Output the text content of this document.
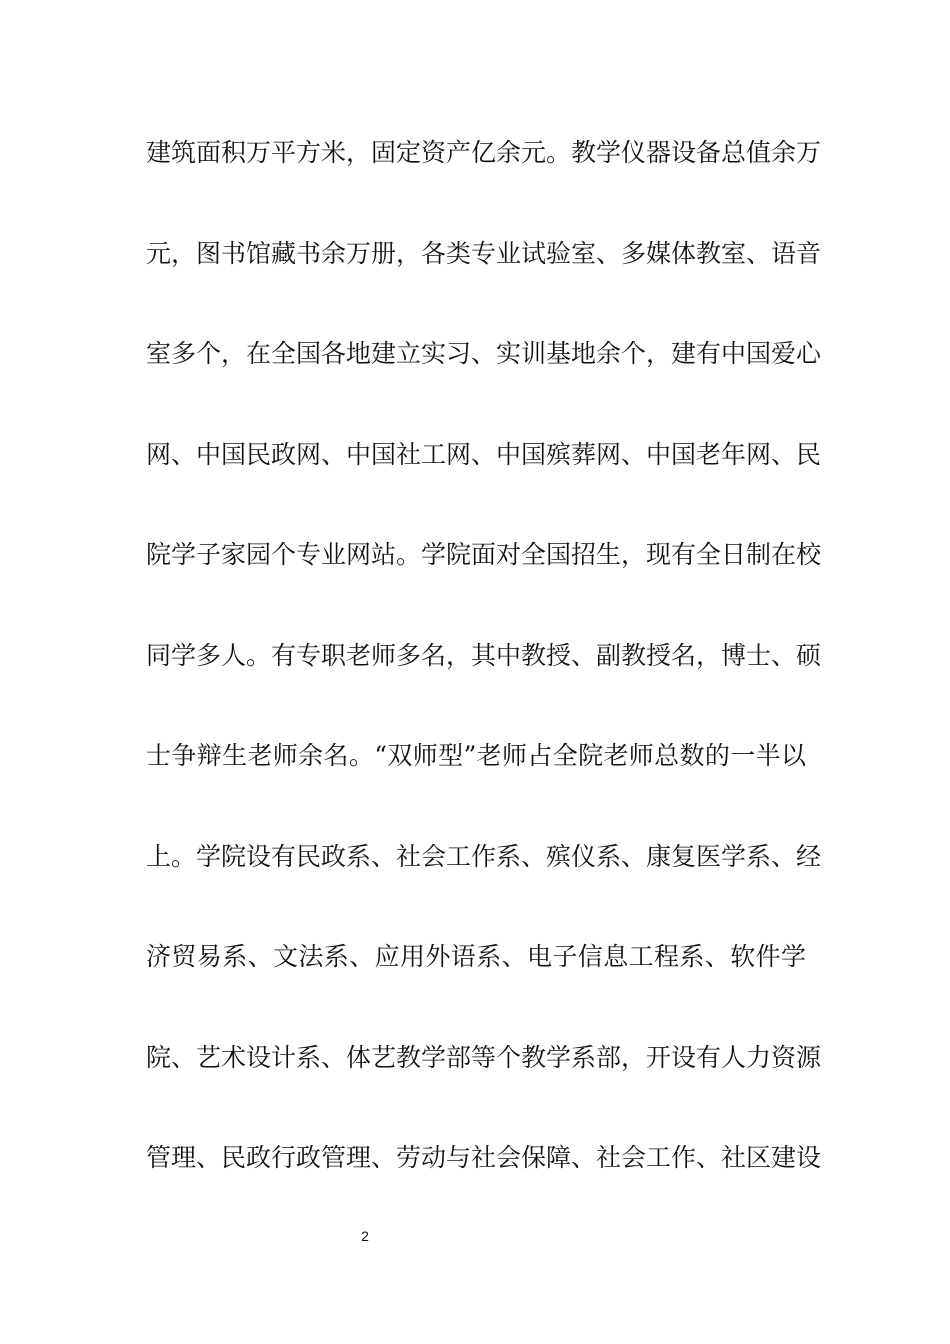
建筑面积万平方米，固定资产亿余元。教学仪器设备总值余万
元，图书馆藏书余万册，各类专业试验室、多媒体教室、语音
室多个，在全国各地建立实习、实训基地余个，建有中国爱心
网、中国民政网、中国社工网、中国殡葬网、中国老年网、民
院学子家园个专业网站。学院面对全国招生，现有全日制在校
同学多人。有专职老师多名，其中教授、副教授名，博士、硕
士争辩生老师余名。“双师型”老师占全院老师总数的一半以
上。学院设有民政系、社会工作系、殡仪系、康复医学系、经
济贸易系、文法系、应用外语系、电子信息工程系、软件学
院、艺术设计系、体艺教学部等个教学系部，开设有人力资源
管理、民政行政管理、劳动与社会保障、社会工作、社区建设
2
